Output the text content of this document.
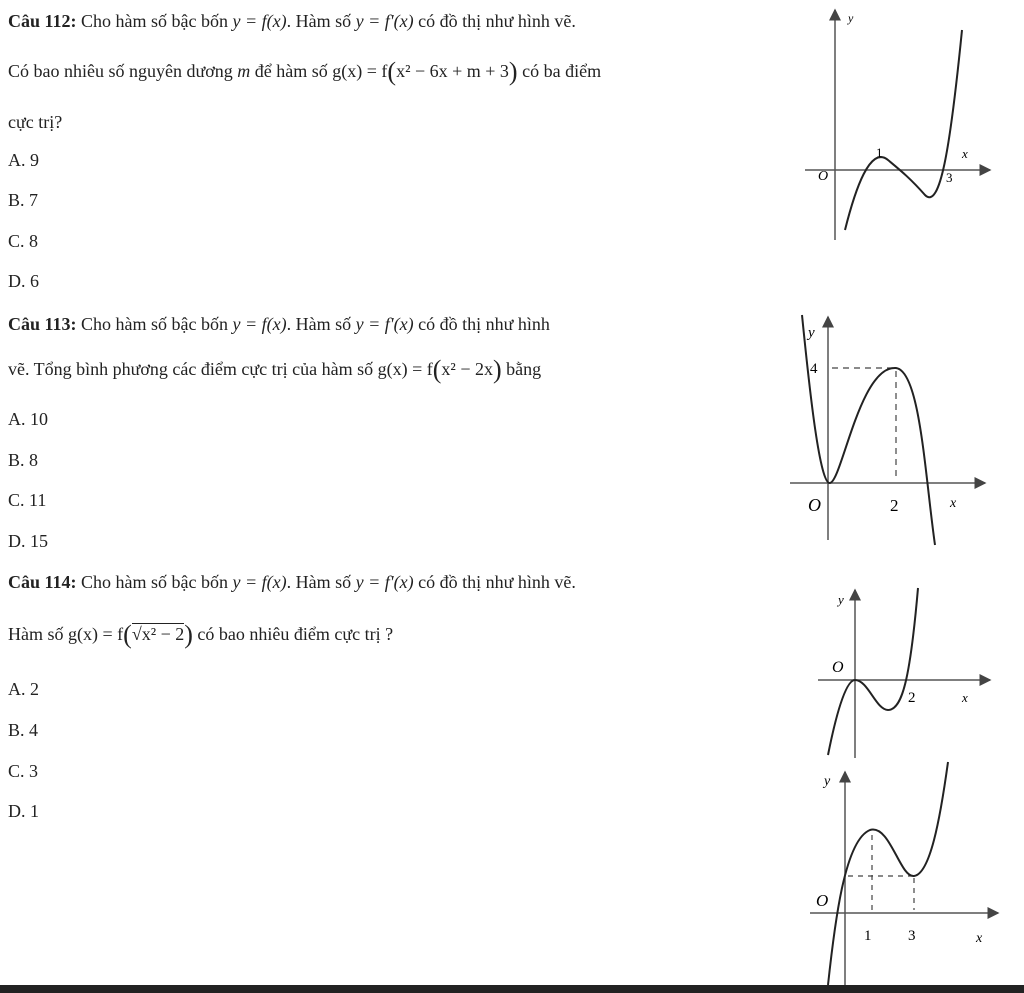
Câu 112: Cho hàm số bậc bốn y = f(x). Hàm số y = f'(x) có đồ thị như hình vẽ.
Có bao nhiêu số nguyên dương m để hàm số g(x) = f(x² − 6x + m + 3) có ba điểm
cực trị?
A. 9
B. 7
C. 8
D. 6
y
x
O
1
3
Câu 113: Cho hàm số bậc bốn y = f(x). Hàm số y = f'(x) có đồ thị như hình
vẽ. Tổng bình phương các điểm cực trị của hàm số g(x) = f(x² − 2x) bằng
A. 10
B. 8
C. 11
D. 15
y
x
O
4
2
Câu 114: Cho hàm số bậc bốn y = f(x). Hàm số y = f'(x) có đồ thị như hình vẽ.
Hàm số g(x) = f(√x² − 2) có bao nhiêu điểm cực trị ?
A. 2
B. 4
C. 3
D. 1
y
x
O
2
y
x
O
1 3
